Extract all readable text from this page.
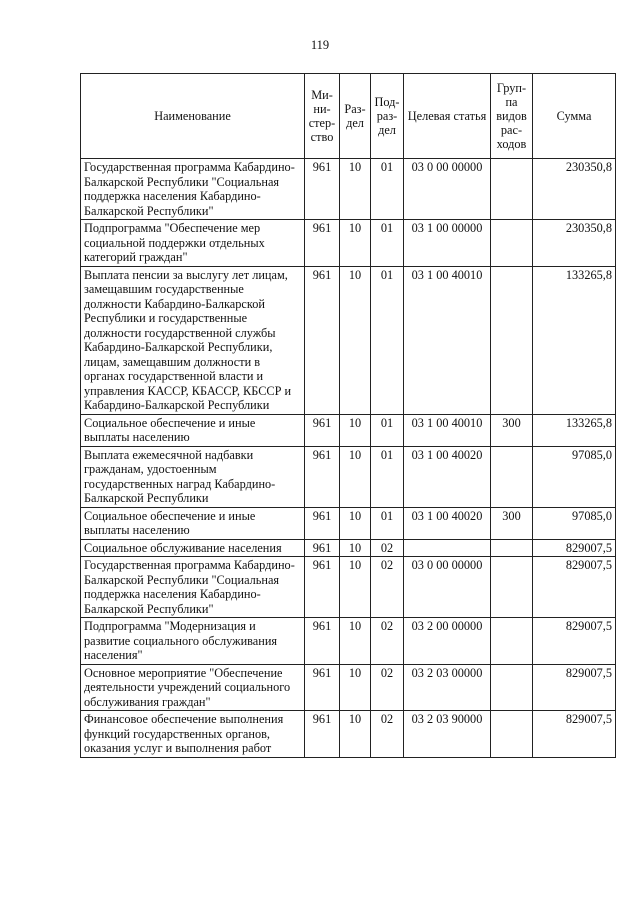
119
Наименование	Ми- ни- стер- ство	Раз- дел	Под- раз- дел	Целевая статья	Груп- па видов рас- ходов	Сумма
Государственная программа Кабардино-Балкарской Республики "Социальная поддержка населения Кабардино-Балкарской Республики"	961	10	01	03 0 00 00000		230350,8
Подпрограмма "Обеспечение мер социальной поддержки отдельных категорий граждан"	961	10	01	03 1 00 00000		230350,8
Выплата пенсии за выслугу лет лицам, замещавшим государственные должности Кабардино-Балкарской Республики и государственные должности государственной службы Кабардино-Балкарской Республики, лицам, замещавшим должности в органах государственной власти и управления КАССР, КБАССР, КБССР и Кабардино-Балкарской Республики	961	10	01	03 1 00 40010		133265,8
Социальное обеспечение и иные выплаты населению	961	10	01	03 1 00 40010	300	133265,8
Выплата ежемесячной надбавки гражданам, удостоенным государственных наград Кабардино-Балкарской Республики	961	10	01	03 1 00 40020		97085,0
Социальное обеспечение и иные выплаты населению	961	10	01	03 1 00 40020	300	97085,0
Социальное обслуживание населения	961	10	02			829007,5
Государственная программа Кабардино-Балкарской Республики "Социальная поддержка населения Кабардино-Балкарской Республики"	961	10	02	03 0 00 00000		829007,5
Подпрограмма "Модернизация и развитие социального обслуживания населения"	961	10	02	03 2 00 00000		829007,5
Основное мероприятие "Обеспечение деятельности учреждений социального обслуживания граждан"	961	10	02	03 2 03 00000		829007,5
Финансовое обеспечение выполнения функций государственных органов, оказания услуг и выполнения работ	961	10	02	03 2 03 90000		829007,5
